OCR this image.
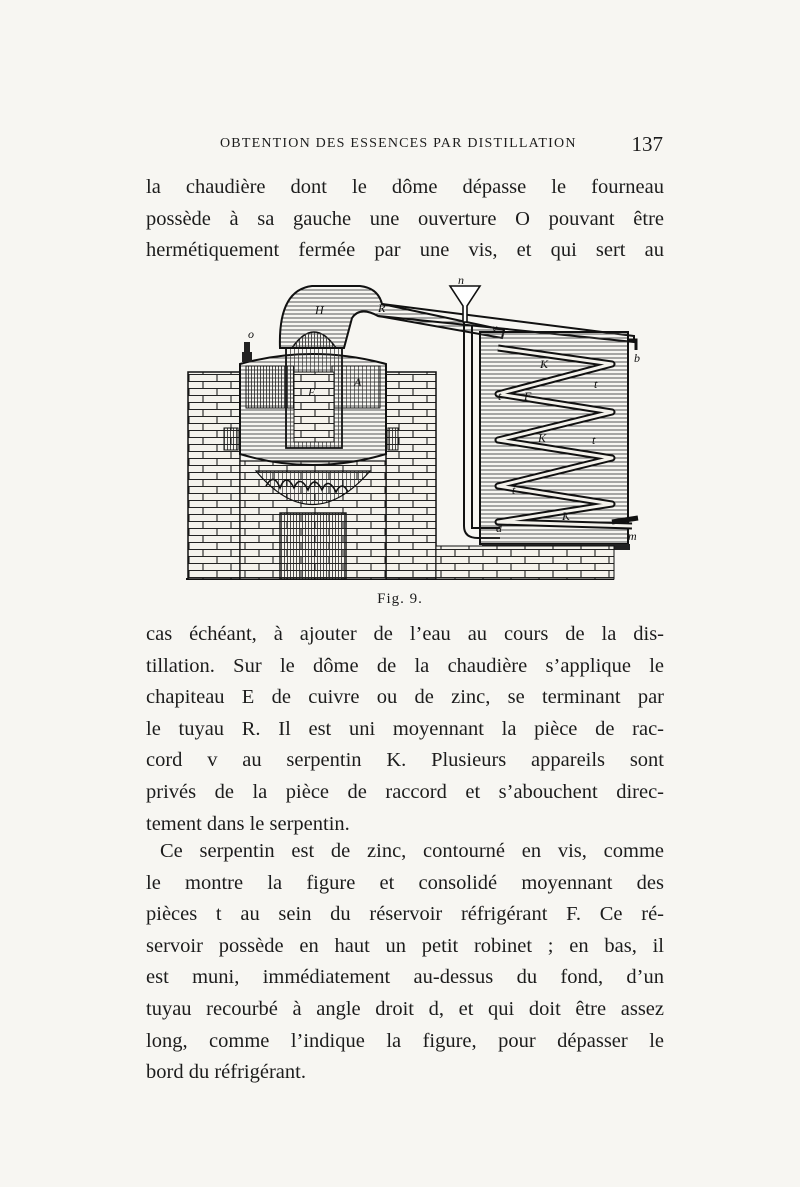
OBTENTION DES ESSENCES PAR DISTILLATION	137

la chaudière dont le dôme dépasse le fourneau
possède à sa gauche une ouverture O pouvant être
hermétiquement fermée par une vis, et qui sert au

n
H	R
o	v
b
E
A
K
K
K
t
t
t
t
F
d
m
Fig. 9.

cas échéant, à ajouter de l’eau au cours de la dis-
tillation. Sur le dôme de la chaudière s’applique le
chapiteau E de cuivre ou de zinc, se terminant par
le tuyau R. Il est uni moyennant la pièce de rac-
cord v au serpentin K. Plusieurs appareils sont
privés de la pièce de raccord et s’abouchent direc-
tement dans le serpentin.

Ce serpentin est de zinc, contourné en vis, comme
le montre la figure et consolidé moyennant des
pièces t au sein du réservoir réfrigérant F. Ce ré-
servoir possède en haut un petit robinet ; en bas, il
est muni, immédiatement au-dessus du fond, d’un
tuyau recourbé à angle droit d, et qui doit être assez
long, comme l’indique la figure, pour dépasser le
bord du réfrigérant.
